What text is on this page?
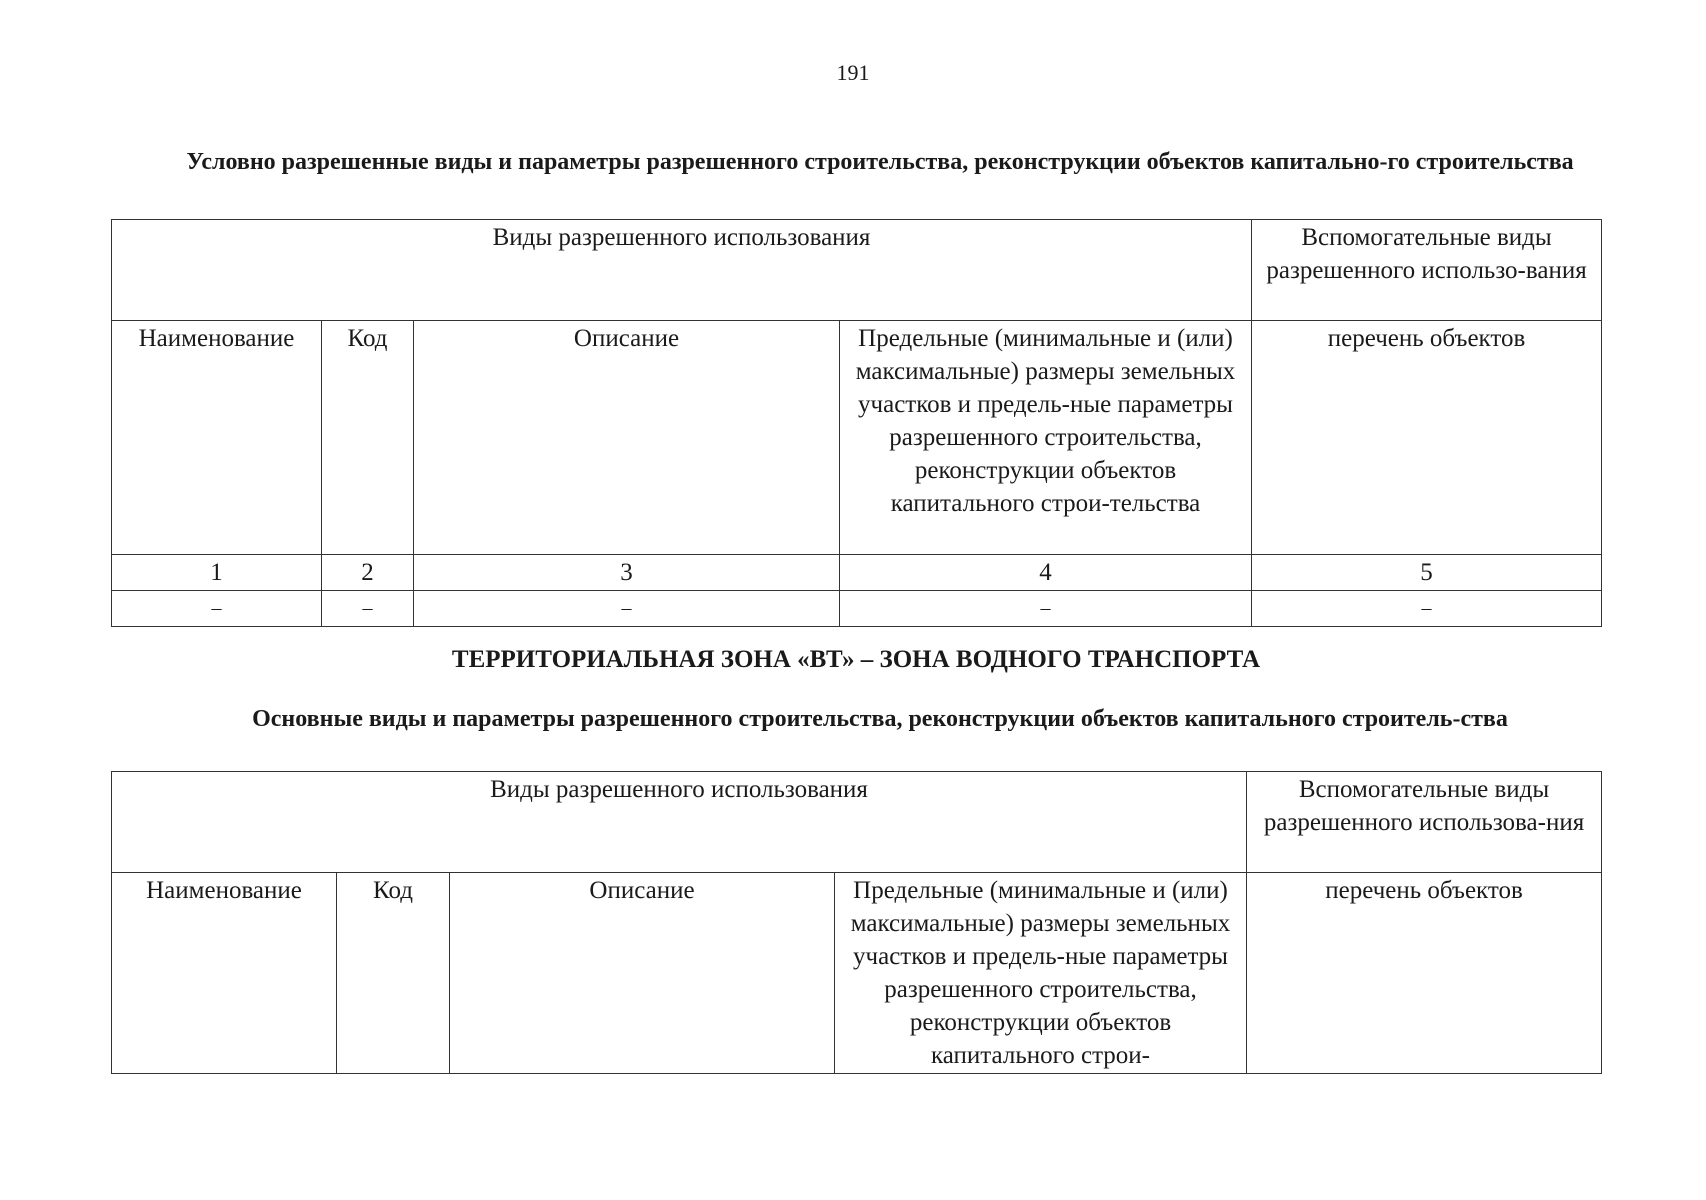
191
Условно разрешенные виды и параметры разрешенного строительства, реконструкции объектов капитально-го строительства
Виды разрешенного использования				Вспомогательные виды разрешенного использо-вания
Наименование	Код	Описание	Предельные (минимальные и (или) максимальные) размеры земельных участков и предель-ные параметры разрешенного строительства, реконструкции объектов капитального строи-тельства	перечень объектов
1	2	3	4	5
–	–	–	–	–
ТЕРРИТОРИАЛЬНАЯ ЗОНА «ВТ» – ЗОНА ВОДНОГО ТРАНСПОРТА
Основные виды и параметры разрешенного строительства, реконструкции объектов капитального строитель-ства
Виды разрешенного использования				Вспомогательные виды разрешенного использова-ния
Наименование	Код	Описание	Предельные (минимальные и (или) максимальные) размеры земельных участков и предель-ные параметры разрешенного строительства, реконструкции объектов капитального строи-	перечень объектов
